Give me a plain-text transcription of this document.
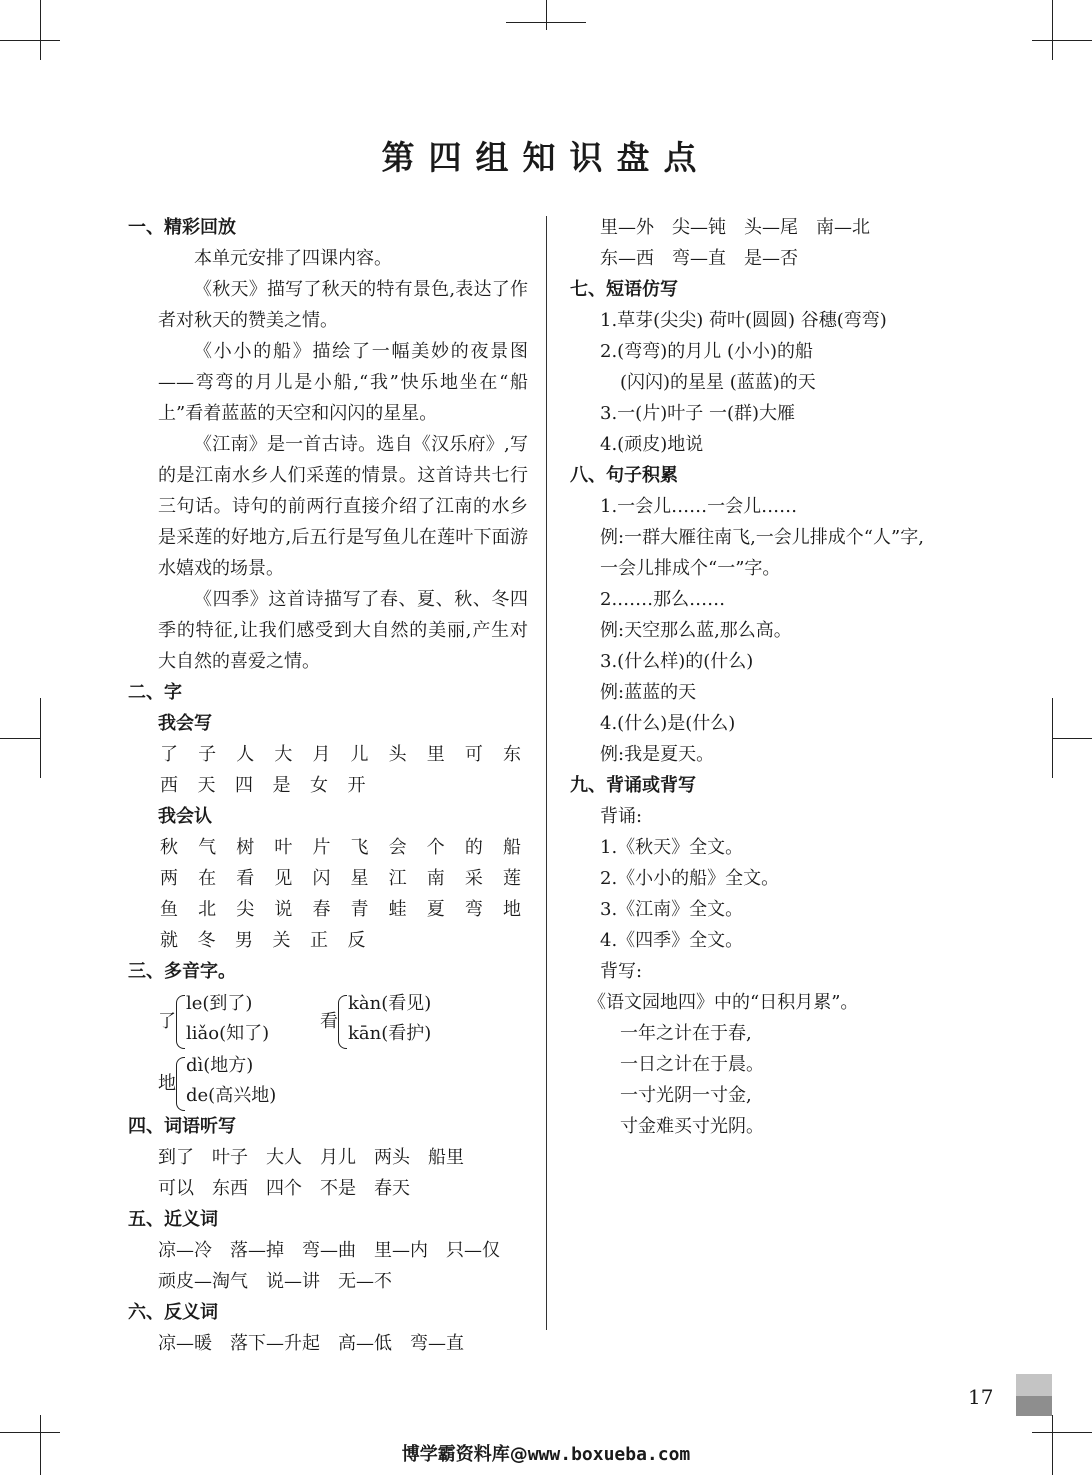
第四组知识盘点
一、精彩回放
本单元安排了四课内容。
《秋天》描写了秋天的特有景色,表达了作者对秋天的赞美之情。
《小小的船》描绘了一幅美妙的夜景图——弯弯的月儿是小船,“我”快乐地坐在“船上”看着蓝蓝的天空和闪闪的星星。
《江南》是一首古诗。选自《汉乐府》,写的是江南水乡人们采莲的情景。这首诗共七行三句话。诗句的前两行直接介绍了江南的水乡是采莲的好地方,后五行是写鱼儿在莲叶下面游水嬉戏的场景。
《四季》这首诗描写了春、夏、秋、冬四季的特征,让我们感受到大自然的美丽,产生对大自然的喜爱之情。
二、字
我会写
了 子 人 大 月 儿 头 里 可 东
西 天 四 是 女 开
我会认
秋 气 树 叶 片 飞 会 个 的 船
两 在 看 见 闪 星 江 南 采 莲
鱼 北 尖 说 春 青 蛙 夏 弯 地
就 冬 男 关 正 反
三、多音字。
了
le(到了)
liǎo(知了)
看
kàn(看见)
kān(看护)
地
dì(地方)
de(高兴地)
四、词语听写
到了 叶子 大人 月儿 两头 船里
可以 东西 四个 不是 春天
五、近义词
凉—冷 落—掉 弯—曲 里—内 只—仅
顽皮—淘气 说—讲 无—不
六、反义词
凉—暖 落下—升起 高—低 弯—直
里—外 尖—钝 头—尾 南—北
东—西 弯—直 是—否
七、短语仿写
1.草芽(尖尖) 荷叶(圆圆) 谷穗(弯弯)
2.(弯弯)的月儿 (小小)的船
(闪闪)的星星 (蓝蓝)的天
3.一(片)叶子 一(群)大雁
4.(顽皮)地说
八、句子积累
1.一会儿……一会儿……
例:一群大雁往南飞,一会儿排成个“人”字,
一会儿排成个“一”字。
2.……那么……
例:天空那么蓝,那么高。
3.(什么样)的(什么)
例:蓝蓝的天
4.(什么)是(什么)
例:我是夏天。
九、背诵或背写
背诵:
1.《秋天》全文。
2.《小小的船》全文。
3.《江南》全文。
4.《四季》全文。
背写:
《语文园地四》中的“日积月累”。
一年之计在于春,
一日之计在于晨。
一寸光阴一寸金,
寸金难买寸光阴。
17
博学霸资料库@www.boxueba.com
